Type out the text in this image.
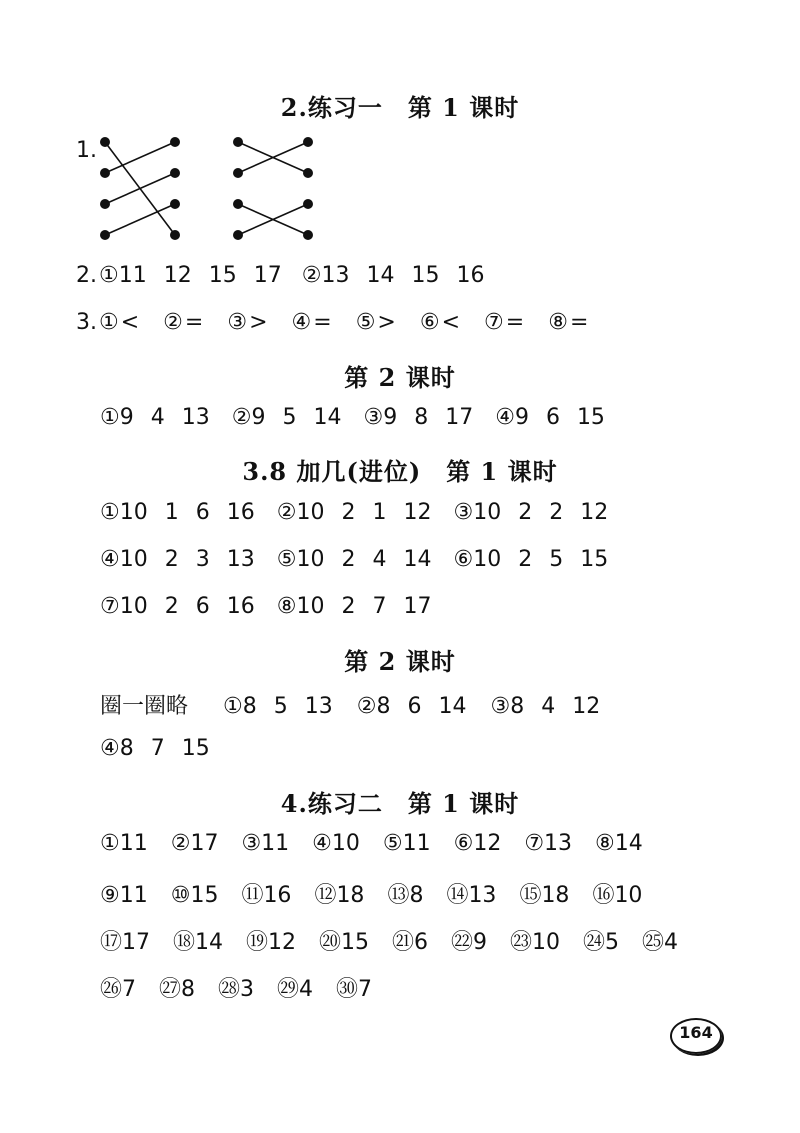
2.练习一　第 1 课时
1.
2.①11 12 15 17 ②13 14 15 16
3.①< ②= ③> ④= ⑤> ⑥< ⑦= ⑧=
第 2 课时
①9 4 13 ②9 5 14 ③9 8 17 ④9 6 15
3.8 加几(进位)　第 1 课时
①10 1 6 16 ②10 2 1 12 ③10 2 2 12
④10 2 3 13 ⑤10 2 4 14 ⑥10 2 5 15
⑦10 2 6 16 ⑧10 2 7 17
第 2 课时
圈一圈略 ①8 5 13 ②8 6 14 ③8 4 12
④8 7 15
4.练习二　第 1 课时
①11 ②17 ③11 ④10 ⑤11 ⑥12 ⑦13 ⑧14
⑨11 ⑩15 ⑪16 ⑫18 ⑬8 ⑭13 ⑮18 ⑯10
⑰17 ⑱14 ⑲12 ⑳15 ㉑6 ㉒9 ㉓10 ㉔5 ㉕4
㉖7 ㉗8 ㉘3 ㉙4 ㉚7
164
